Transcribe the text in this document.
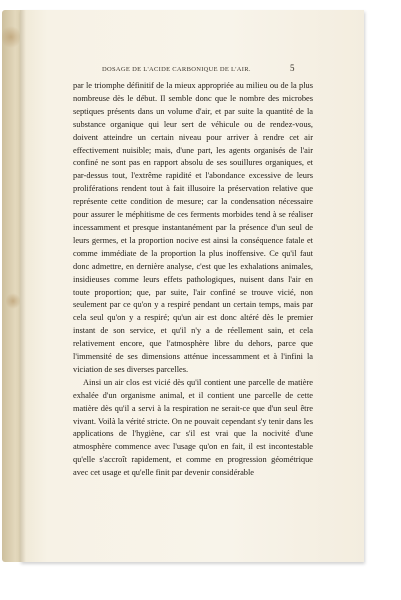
DOSAGE DE L'ACIDE CARBONIQUE DE L'AIR.	5

par le triomphe définitif de la mieux appropriée au milieu ou de la plus nombreuse dès le début. Il semble donc que le nombre des microbes septiques présents dans un volume d'air, et par suite la quantité de la substance organique qui leur sert de véhicule ou de rendez-vous, doivent atteindre un certain niveau pour arriver à rendre cet air effectivement nuisible; mais, d'une part, les agents organisés de l'air confiné ne sont pas en rapport absolu de ses souillures organiques, et par-dessus tout, l'extrême rapidité et l'abondance excessive de leurs proliférations rendent tout à fait illusoire la préservation relative que représente cette condition de mesure; car la condensation nécessaire pour assurer le méphitisme de ces ferments morbides tend à se réaliser incessamment et presque instantanément par la présence d'un seul de leurs germes, et la proportion nocive est ainsi la conséquence fatale et comme immédiate de la proportion la plus inoffensive. Ce qu'il faut donc admettre, en dernière analyse, c'est que les exhalations animales, insidieuses comme leurs effets pathologiques, nuisent dans l'air en toute proportion; que, par suite, l'air confiné se trouve vicié, non seulement par ce qu'on y a respiré pendant un certain temps, mais par cela seul qu'on y a respiré; qu'un air est donc altéré dès le premier instant de son service, et qu'il n'y a de réellement sain, et cela relativement encore, que l'atmosphère libre du dehors, parce que l'immensité de ses dimensions atténue incessamment et à l'infini la viciation de ses diverses parcelles.

Ainsi un air clos est vicié dès qu'il contient une parcelle de matière exhalée d'un organisme animal, et il contient une parcelle de cette matière dès qu'il a servi à la respiration ne serait-ce que d'un seul être vivant. Voilà la vérité stricte. On ne pouvait cependant s'y tenir dans les applications de l'hygiène, car s'il est vrai que la nocivité d'une atmosphère commence avec l'usage qu'on en fait, il est incontestable qu'elle s'accroît rapidement, et comme en progression géométrique avec cet usage et qu'elle finit par devenir considérable
